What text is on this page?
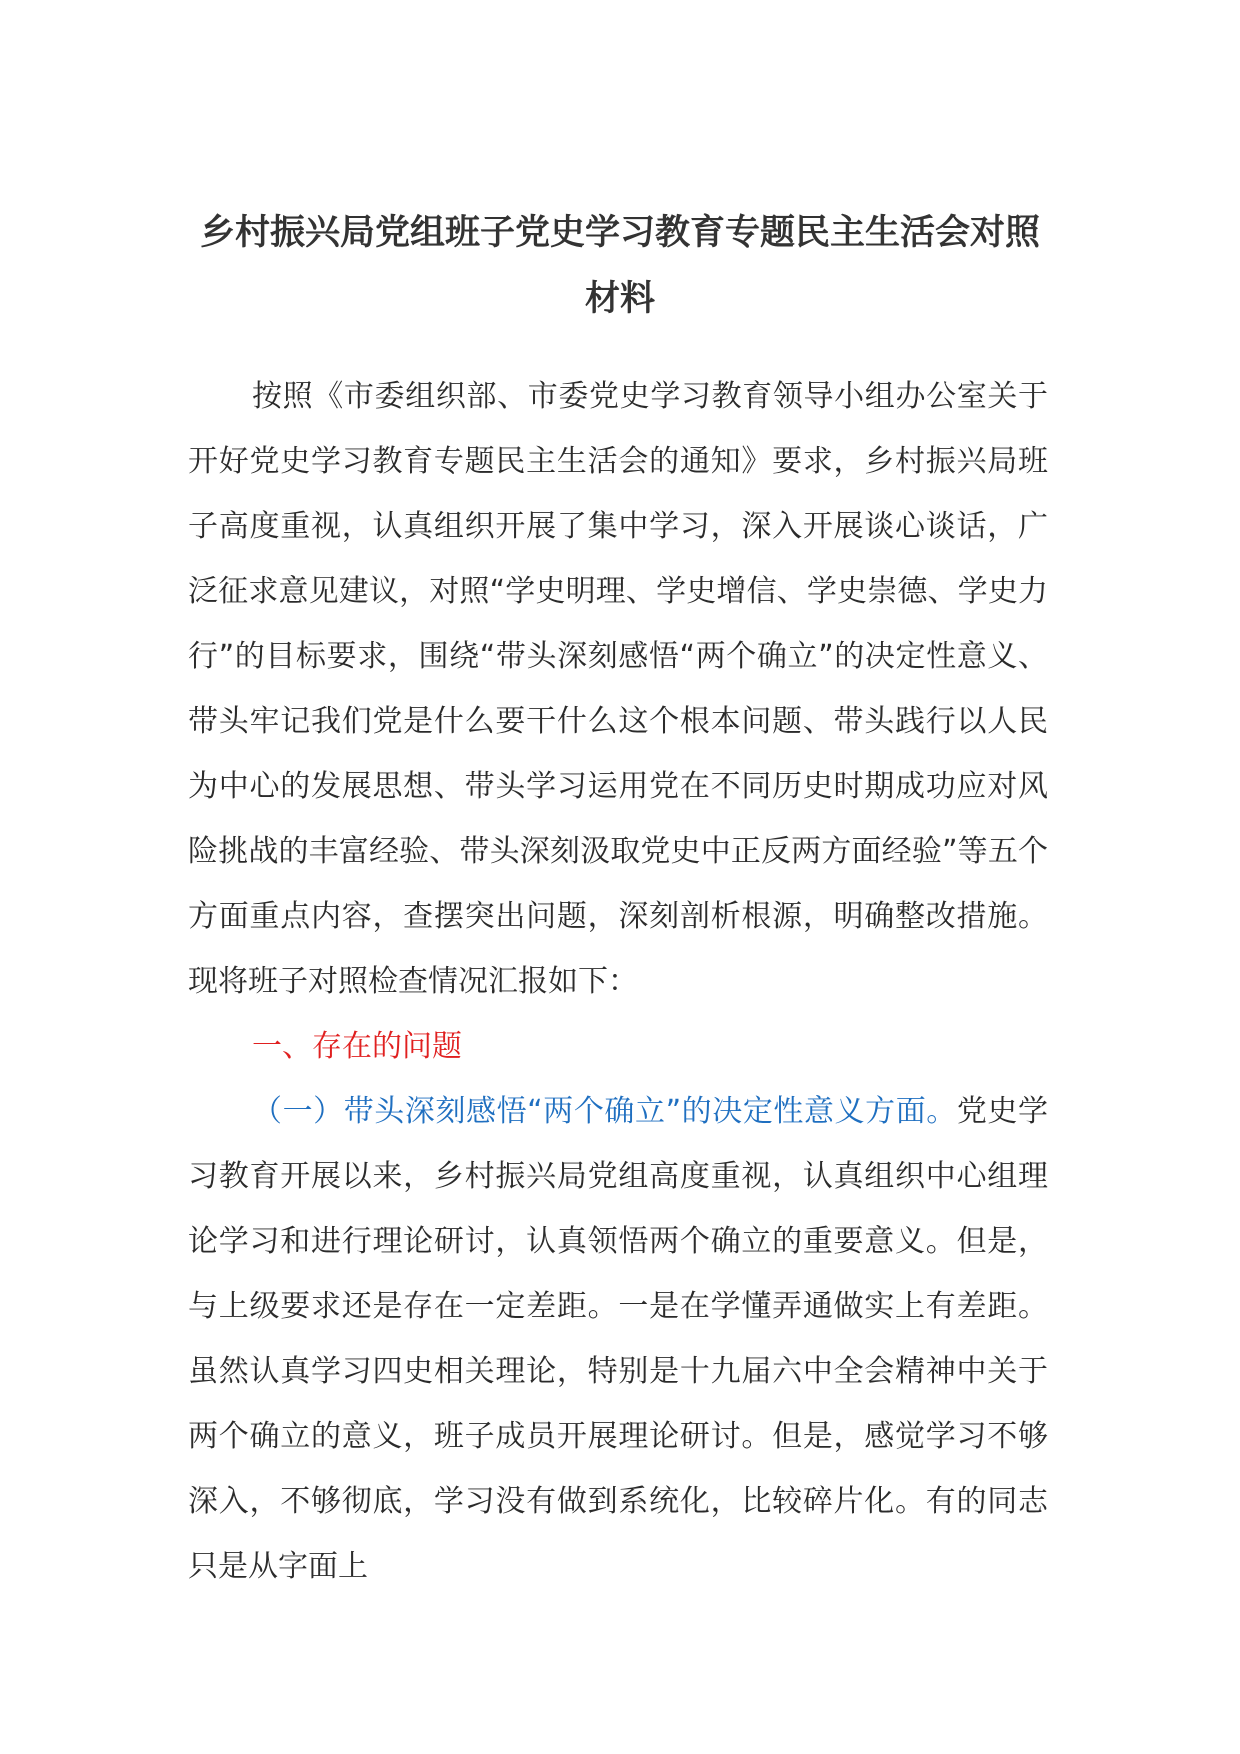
乡村振兴局党组班子党史学习教育专题民主生活会对照材料

按照《市委组织部、市委党史学习教育领导小组办公室关于开好党史学习教育专题民主生活会的通知》要求，乡村振兴局班子高度重视，认真组织开展了集中学习，深入开展谈心谈话，广泛征求意见建议，对照“学史明理、学史增信、学史崇德、学史力行”的目标要求，围绕“带头深刻感悟“两个确立”的决定性意义、带头牢记我们党是什么要干什么这个根本问题、带头践行以人民为中心的发展思想、带头学习运用党在不同历史时期成功应对风险挑战的丰富经验、带头深刻汲取党史中正反两方面经验”等五个方面重点内容，查摆突出问题，深刻剖析根源，明确整改措施。现将班子对照检查情况汇报如下：

一、存在的问题

（一）带头深刻感悟“两个确立”的决定性意义方面。党史学习教育开展以来，乡村振兴局党组高度重视，认真组织中心组理论学习和进行理论研讨，认真领悟两个确立的重要意义。但是，与上级要求还是存在一定差距。一是在学懂弄通做实上有差距。虽然认真学习四史相关理论，特别是十九届六中全会精神中关于两个确立的意义，班子成员开展理论研讨。但是，感觉学习不够深入，不够彻底，学习没有做到系统化，比较碎片化。有的同志只是从字面上
